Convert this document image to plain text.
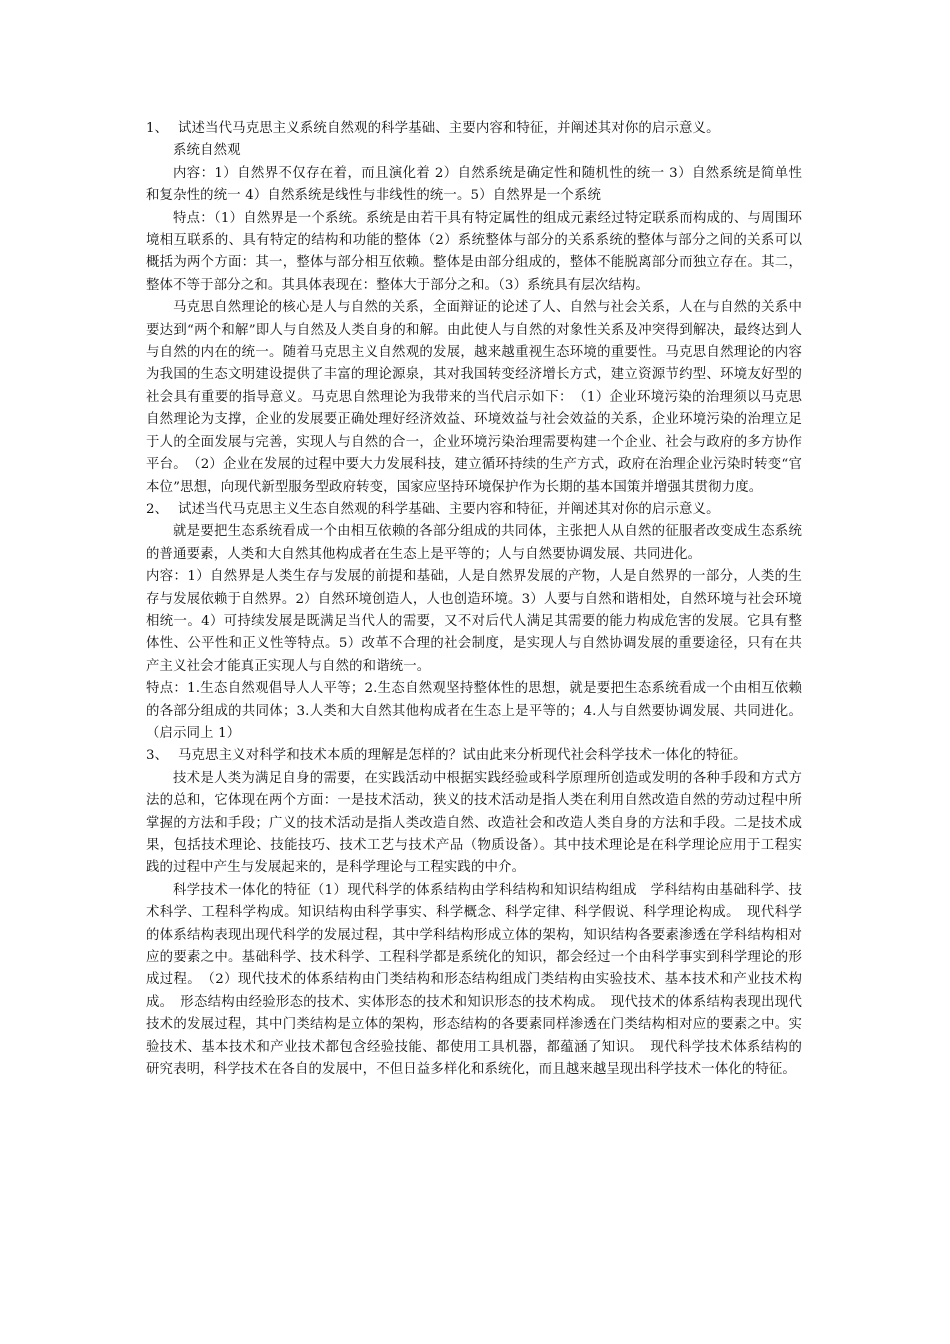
1、 试述当代马克思主义系统自然观的科学基础、主要内容和特征，并阐述其对你的启示意义。

系统自然观

内容：1）自然界不仅存在着，而且演化着 2）自然系统是确定性和随机性的统一 3）自然系统是简单性和复杂性的统一 4）自然系统是线性与非线性的统一。5）自然界是一个系统

特点：（1）自然界是一个系统。系统是由若干具有特定属性的组成元素经过特定联系而构成的、与周围环境相互联系的、具有特定的结构和功能的整体（2）系统整体与部分的关系系统的整体与部分之间的关系可以概括为两个方面：其一，整体与部分相互依赖。整体是由部分组成的，整体不能脱离部分而独立存在。其二，整体不等于部分之和。其具体表现在：整体大于部分之和。（3）系统具有层次结构。

马克思自然理论的核心是人与自然的关系，全面辩证的论述了人、自然与社会关系，人在与自然的关系中要达到“两个和解”即人与自然及人类自身的和解。由此使人与自然的对象性关系及冲突得到解决，最终达到人与自然的内在的统一。随着马克思主义自然观的发展，越来越重视生态环境的重要性。马克思自然理论的内容为我国的生态文明建设提供了丰富的理论源泉，其对我国转变经济增长方式，建立资源节约型、环境友好型的社会具有重要的指导意义。马克思自然理论为我带来的当代启示如下：　（1）企业环境污染的治理须以马克思自然理论为支撑，企业的发展要正确处理好经济效益、环境效益与社会效益的关系，企业环境污染的治理立足于人的全面发展与完善，实现人与自然的合一，企业环境污染治理需要构建一个企业、社会与政府的多方协作平台。　（2）企业在发展的过程中要大力发展科技，建立循环持续的生产方式，政府在治理企业污染时转变“官本位”思想，向现代新型服务型政府转变，国家应坚持环境保护作为长期的基本国策并增强其贯彻力度。

2、 试述当代马克思主义生态自然观的科学基础、主要内容和特征，并阐述其对你的启示意义。

就是要把生态系统看成一个由相互依赖的各部分组成的共同体，主张把人从自然的征服者改变成生态系统的普通要素，人类和大自然其他构成者在生态上是平等的；人与自然要协调发展、共同进化。

内容：1）自然界是人类生存与发展的前提和基础，人是自然界发展的产物，人是自然界的一部分，人类的生存与发展依赖于自然界。2）自然环境创造人，人也创造环境。3）人要与自然和谐相处，自然环境与社会环境相统一。4）可持续发展是既满足当代人的需要，又不对后代人满足其需要的能力构成危害的发展。它具有整体性、公平性和正义性等特点。5）改革不合理的社会制度，是实现人与自然协调发展的重要途径，只有在共产主义社会才能真正实现人与自然的和谐统一。

特点：1.生态自然观倡导人人平等；2.生态自然观坚持整体性的思想，就是要把生态系统看成一个由相互依赖的各部分组成的共同体；3.人类和大自然其他构成者在生态上是平等的；4.人与自然要协调发展、共同进化。（启示同上 1）

3、 马克思主义对科学和技术本质的理解是怎样的？试由此来分析现代社会科学技术一体化的特征。

技术是人类为满足自身的需要，在实践活动中根据实践经验或科学原理所创造或发明的各种手段和方式方法的总和，它体现在两个方面：一是技术活动，狭义的技术活动是指人类在利用自然改造自然的劳动过程中所掌握的方法和手段；广义的技术活动是指人类改造自然、改造社会和改造人类自身的方法和手段。二是技术成果，包括技术理论、技能技巧、技术工艺与技术产品（物质设备）。其中技术理论是在科学理论应用于工程实践的过程中产生与发展起来的，是科学理论与工程实践的中介。

科学技术一体化的特征（1）现代科学的体系结构由学科结构和知识结构组成　学科结构由基础科学、技术科学、工程科学构成。知识结构由科学事实、科学概念、科学定律、科学假说、科学理论构成。　现代科学的体系结构表现出现代科学的发展过程，其中学科结构形成立体的架构，知识结构各要素渗透在学科结构相对应的要素之中。基础科学、技术科学、工程科学都是系统化的知识，都会经过一个由科学事实到科学理论的形成过程。　（2）现代技术的体系结构由门类结构和形态结构组成门类结构由实验技术、基本技术和产业技术构成。　形态结构由经验形态的技术、实体形态的技术和知识形态的技术构成。　现代技术的体系结构表现出现代技术的发展过程，其中门类结构是立体的架构，形态结构的各要素同样渗透在门类结构相对应的要素之中。实验技术、基本技术和产业技术都包含经验技能、都使用工具机器，都蕴涵了知识。　现代科学技术体系结构的研究表明，科学技术在各自的发展中，不但日益多样化和系统化，而且越来越呈现出科学技术一体化的特征。
